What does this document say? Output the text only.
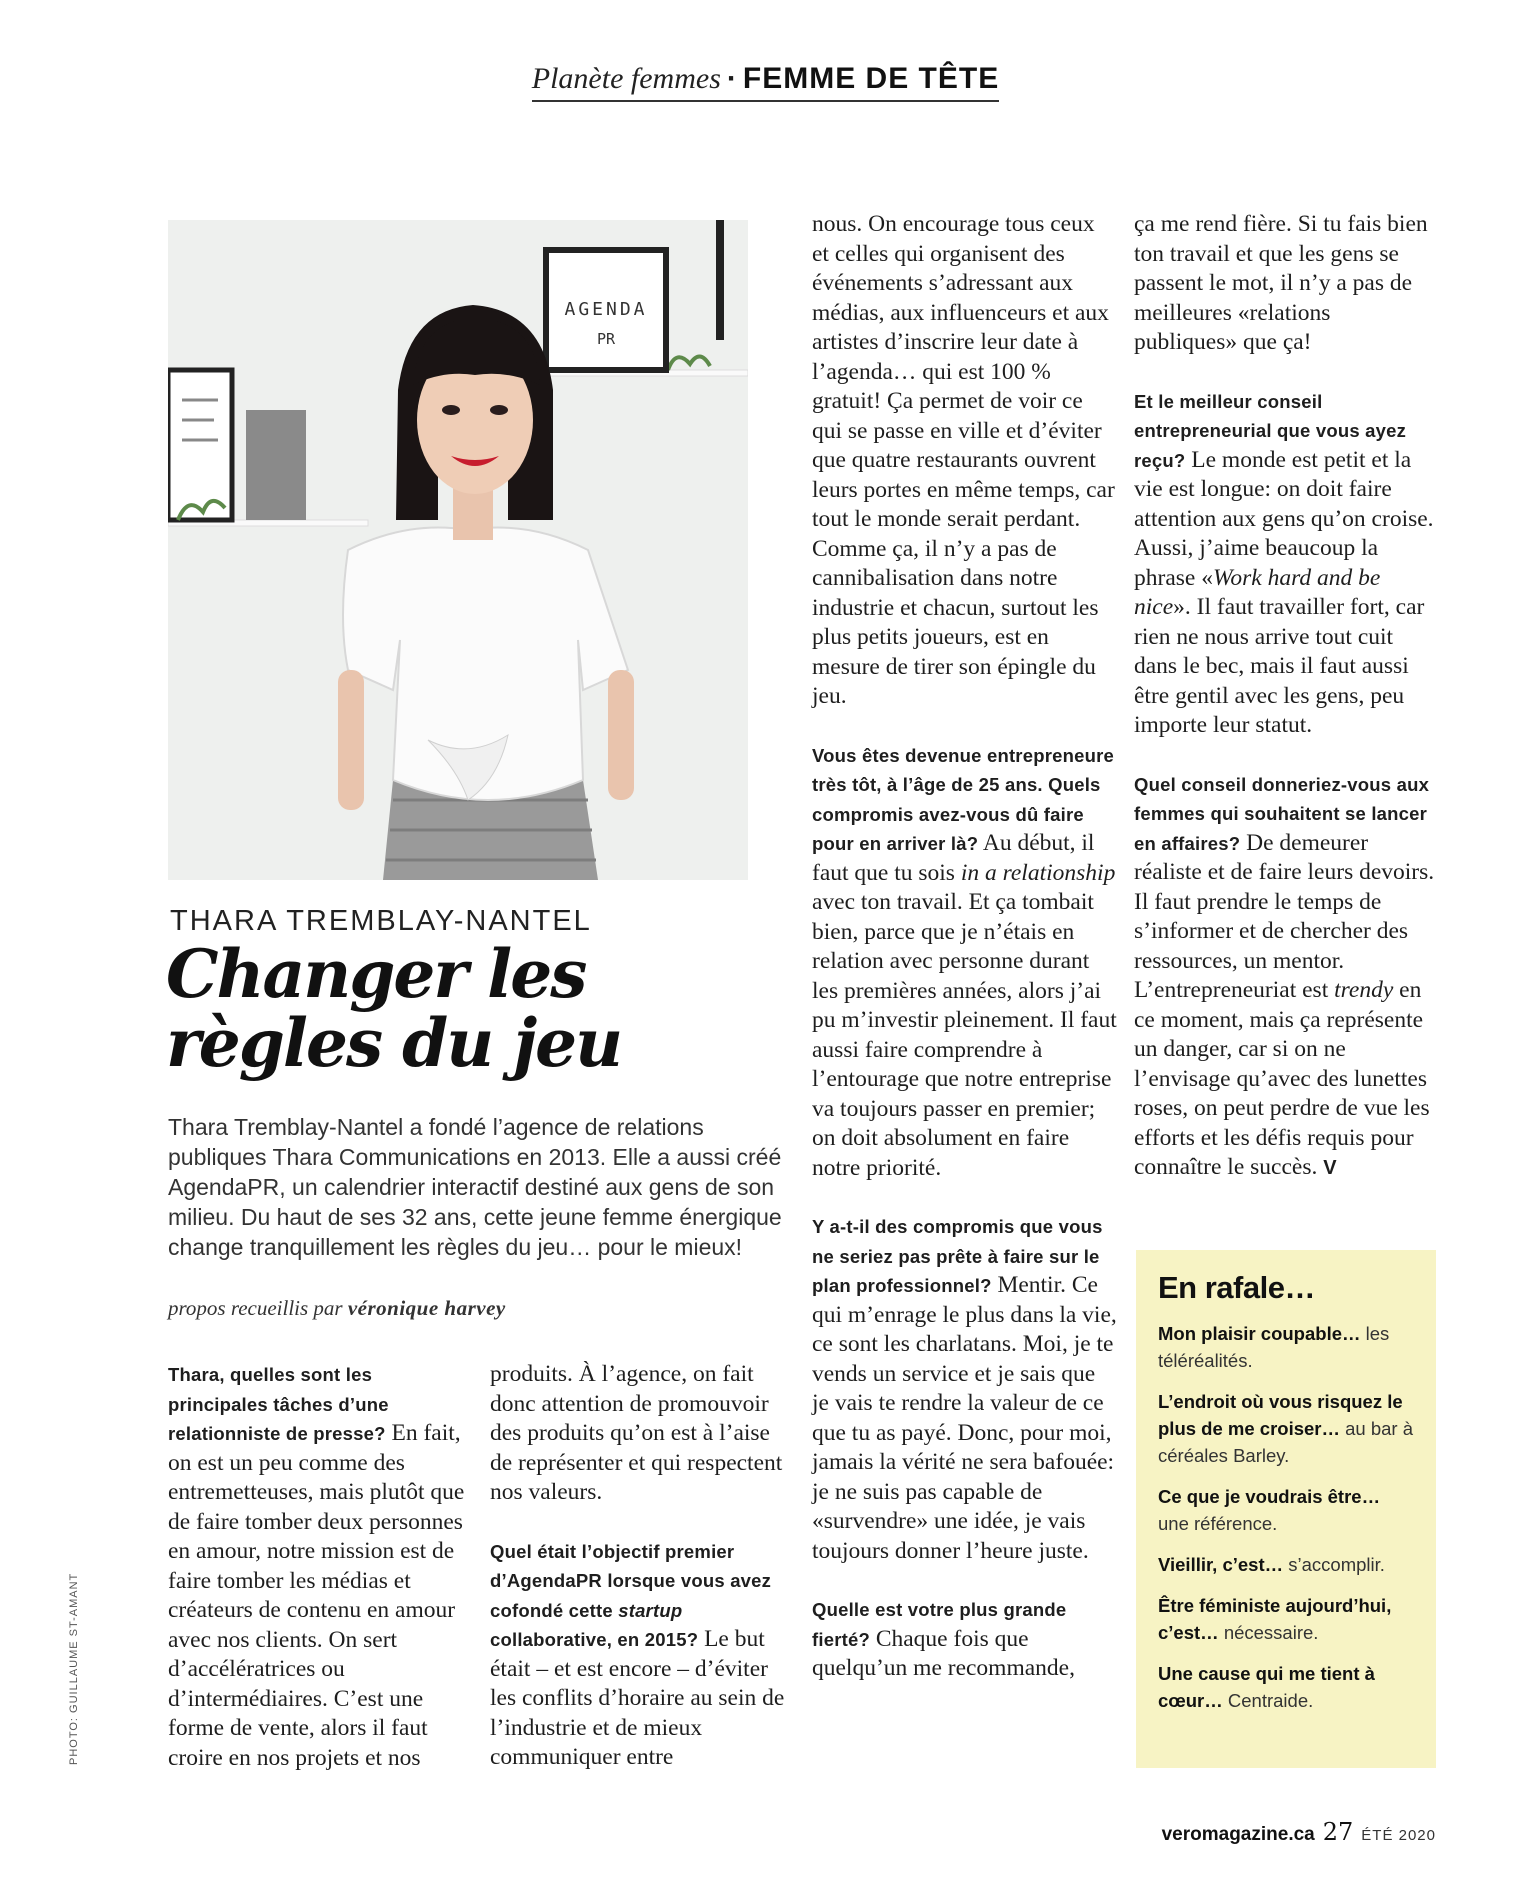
Planète femmes · FEMME DE TÊTE
AGENDA
PR
THARA TREMBLAY-NANTEL
Changer les règles du jeu

Thara Tremblay-Nantel a fondé l’agence de relations publiques Thara Communications en 2013. Elle a aussi créé AgendaPR, un calendrier interactif destiné aux gens de son milieu. Du haut de ses 32 ans, cette jeune femme énergique change tranquillement les règles du jeu… pour le mieux!

propos recueillis par véronique harvey

Thara, quelles sont les principales tâches d’une relationniste de presse? En fait, on est un peu comme des entremetteuses, mais plutôt que de faire tomber deux personnes en amour, notre mission est de faire tomber les médias et créateurs de contenu en amour avec nos clients. On sert d’accélératrices ou d’intermédiaires. C’est une forme de vente, alors il faut croire en nos projets et nos

produits. À l’agence, on fait donc attention de promouvoir des produits qu’on est à l’aise de représenter et qui respectent nos valeurs.

Quel était l’objectif premier d’AgendaPR lorsque vous avez cofondé cette startup collaborative, en 2015? Le but était – et est encore – d’éviter les conflits d’horaire au sein de l’industrie et de mieux communiquer entre

nous. On encourage tous ceux et celles qui organisent des événements s’adressant aux médias, aux influenceurs et aux artistes d’inscrire leur date à l’agenda… qui est 100 % gratuit! Ça permet de voir ce qui se passe en ville et d’éviter que quatre restaurants ouvrent leurs portes en même temps, car tout le monde serait perdant. Comme ça, il n’y a pas de cannibalisation dans notre industrie et chacun, surtout les plus petits joueurs, est en mesure de tirer son épingle du jeu.

Vous êtes devenue entrepreneure très tôt, à l’âge de 25 ans. Quels compromis avez-vous dû faire pour en arriver là? Au début, il faut que tu sois in a relationship avec ton travail. Et ça tombait bien, parce que je n’étais en relation avec personne durant les premières années, alors j’ai pu m’investir pleinement. Il faut aussi faire comprendre à l’entourage que notre entreprise va toujours passer en premier; on doit absolument en faire notre priorité.

Y a-t-il des compromis que vous ne seriez pas prête à faire sur le plan professionnel? Mentir. Ce qui m’enrage le plus dans la vie, ce sont les charlatans. Moi, je te vends un service et je sais que je vais te rendre la valeur de ce que tu as payé. Donc, pour moi, jamais la vérité ne sera bafouée: je ne suis pas capable de «survendre» une idée, je vais toujours donner l’heure juste.

Quelle est votre plus grande fierté? Chaque fois que quelqu’un me recommande,

ça me rend fière. Si tu fais bien ton travail et que les gens se passent le mot, il n’y a pas de meilleures «relations publiques» que ça!

Et le meilleur conseil entrepreneurial que vous ayez reçu? Le monde est petit et la vie est longue: on doit faire attention aux gens qu’on croise. Aussi, j’aime beaucoup la phrase «Work hard and be nice». Il faut travailler fort, car rien ne nous arrive tout cuit dans le bec, mais il faut aussi être gentil avec les gens, peu importe leur statut.

Quel conseil donneriez-vous aux femmes qui souhaitent se lancer en affaires? De demeurer réaliste et de faire leurs devoirs. Il faut prendre le temps de s’informer et de chercher des ressources, un mentor. L’entrepreneuriat est trendy en ce moment, mais ça représente un danger, car si on ne l’envisage qu’avec des lunettes roses, on peut perdre de vue les efforts et les défis requis pour connaître le succès. V

En rafale…
Mon plaisir coupable… les téléréalités.
L’endroit où vous risquez le plus de me croiser… au bar à céréales Barley.
Ce que je voudrais être… une référence.
Vieillir, c’est… s’accomplir.
Être féministe aujourd’hui, c’est… nécessaire.
Une cause qui me tient à cœur… Centraide.
PHOTO: GUILLAUME ST-AMANT
veromagazine.ca 27 ÉTÉ 2020
